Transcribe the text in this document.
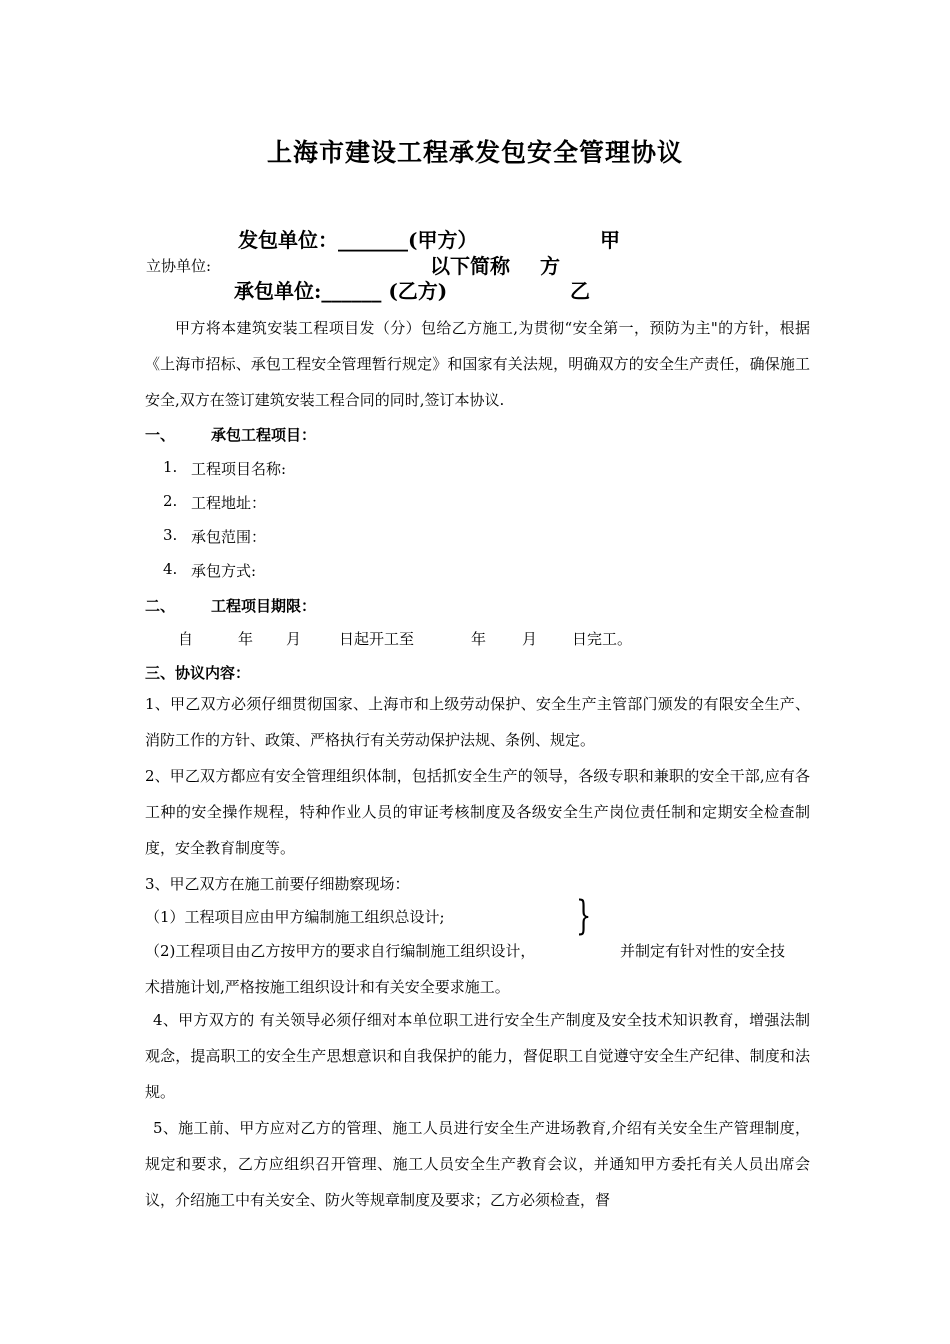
上海市建设工程承发包安全管理协议
发包单位：_______(甲方）	甲
立协单位:	以下简称 方
承包单位:______ (乙方)	乙
甲方将本建筑安装工程项目发（分）包给乙方施工,为贯彻“安全第一，预防为主"的方针，根据《上海市招标、承包工程安全管理暂行规定》和国家有关法规，明确双方的安全生产责任，确保施工安全,双方在签订建筑安装工程合同的同时,签订本协议.
一、 承包工程项目：
1. 工程项目名称:
2. 工程地址：
3. 承包范围：
4. 承包方式:
二、 工程项目期限：
自	年 月	日起开工至	年 月 日完工。
三、协议内容：
1、甲乙双方必须仔细贯彻国家、上海市和上级劳动保护、安全生产主管部门颁发的有限安全生产、消防工作的方针、政策、严格执行有关劳动保护法规、条例、规定。
2、甲乙双方都应有安全管理组织体制，包括抓安全生产的领导，各级专职和兼职的安全干部,应有各工种的安全操作规程，特种作业人员的审证考核制度及各级安全生产岗位责任制和定期安全检查制度，安全教育制度等。
3、甲乙双方在施工前要仔细勘察现场：
（1）工程项目应由甲方编制施工组织总设计;	}
（2)工程项目由乙方按甲方的要求自行编制施工组织设计，	并制定有针对性的安全技
术措施计划,严格按施工组织设计和有关安全要求施工。
4、甲方双方的 有关领导必须仔细对本单位职工进行安全生产制度及安全技术知识教育，增强法制观念，提高职工的安全生产思想意识和自我保护的能力，督促职工自觉遵守安全生产纪律、制度和法规。
5、施工前、甲方应对乙方的管理、施工人员进行安全生产进场教育,介绍有关安全生产管理制度，规定和要求，乙方应组织召开管理、施工人员安全生产教育会议，并通知甲方委托有关人员出席会议，介绍施工中有关安全、防火等规章制度及要求；乙方必须检查，督
